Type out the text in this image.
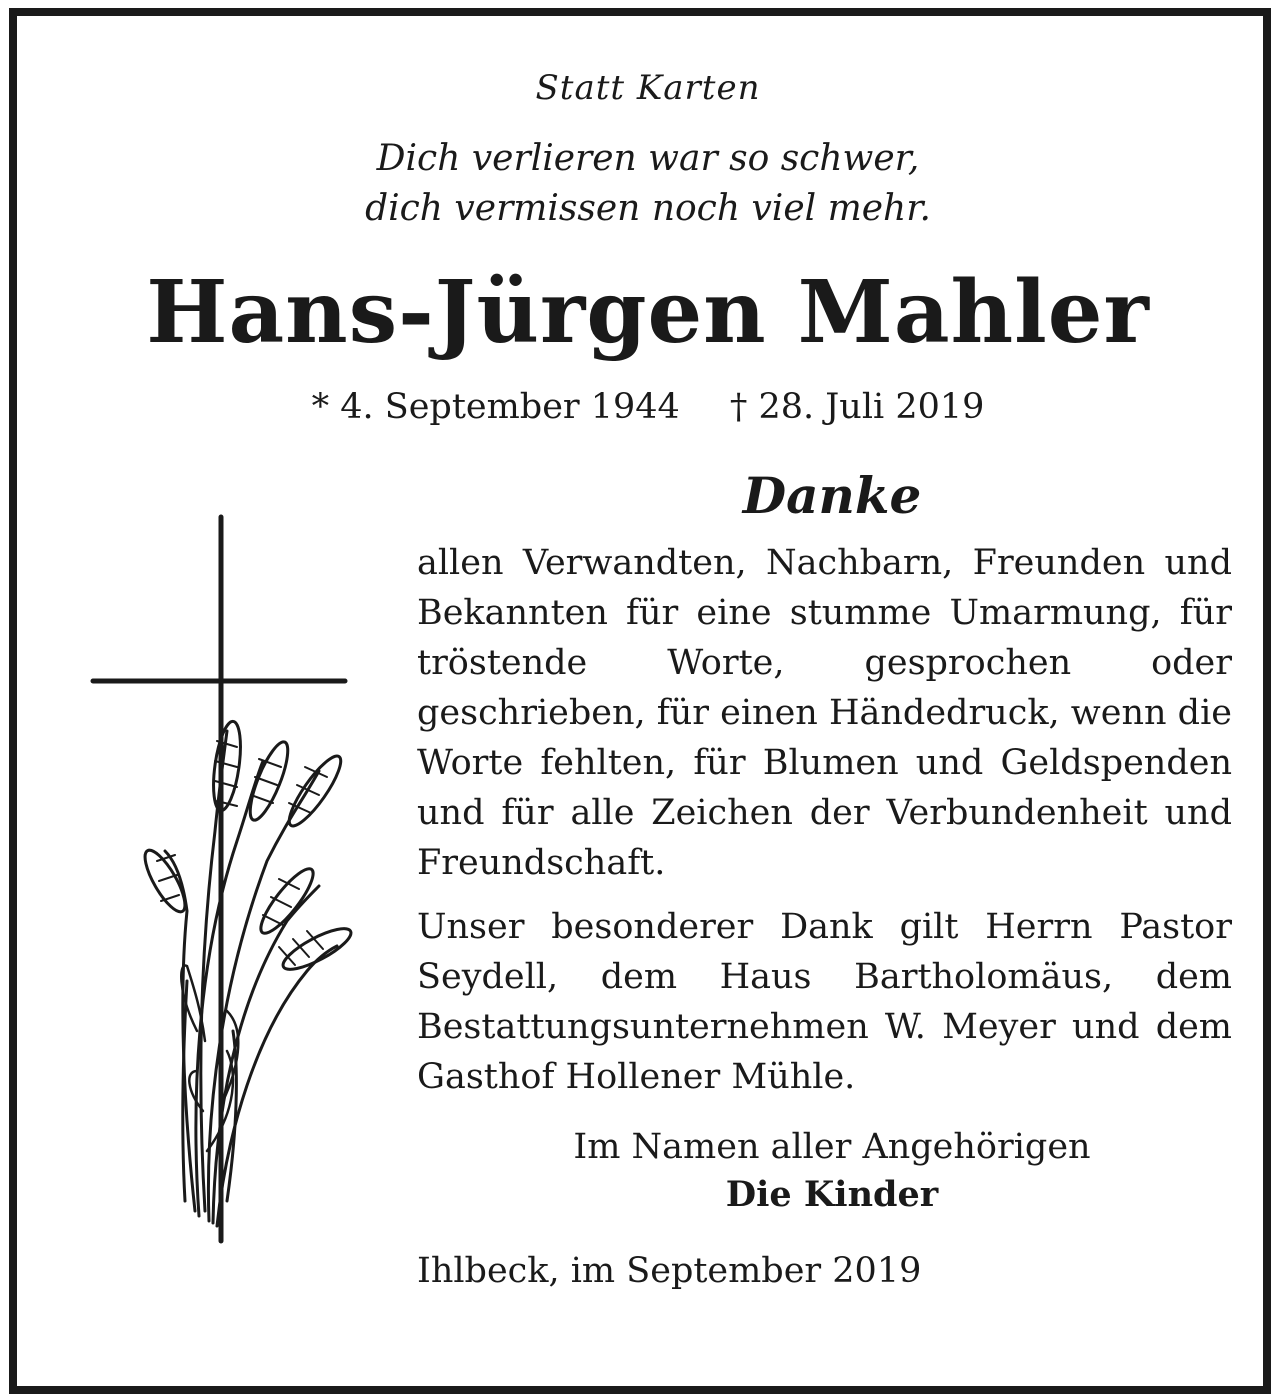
Statt Karten
Dich verlieren war so schwer,
dich vermissen noch viel mehr.
Hans-Jürgen Mahler
* 4. September 1944 † 28. Juli 2019
Danke
allen Verwandten, Nachbarn, Freunden und Bekannten für eine stumme Umarmung, für tröstende Worte, gesprochen oder geschrieben, für einen Händedruck, wenn die Worte fehlten, für Blumen und Geldspenden und für alle Zeichen der Verbundenheit und Freundschaft.
Unser besonderer Dank gilt Herrn Pastor Seydell, dem Haus Bartholomäus, dem Bestattungsunternehmen W. Meyer und dem Gasthof Hollener Mühle.
Im Namen aller Angehörigen
Die Kinder
Ihlbeck, im September 2019
